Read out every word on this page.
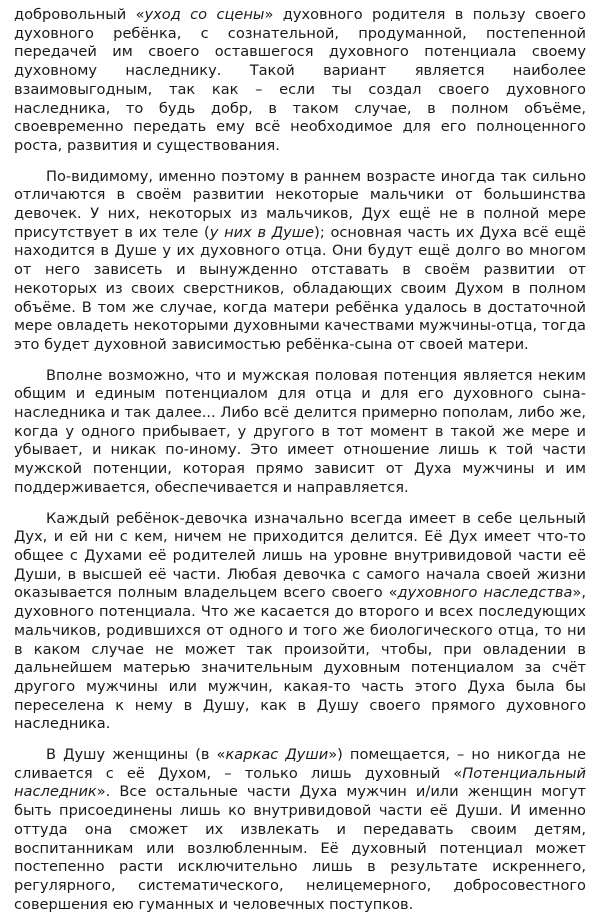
добровольный «уход со сцены» духовного родителя в пользу своего духовного ребёнка, с сознательной, продуманной, постепенной передачей им своего оставшегося духовного потенциала своему духовному наследнику. Такой вариант является наиболее взаимовыгодным, так как – если ты создал своего духовного наследника, то будь добр, в таком случае, в полном объёме, своевременно передать ему всё необходимое для его полноценного роста, развития и существования.

По-видимому, именно поэтому в раннем возрасте иногда так сильно отличаются в своём развитии некоторые мальчики от большинства девочек. У них, некоторых из мальчиков, Дух ещё не в полной мере присутствует в их теле (у них в Душе); основная часть их Духа всё ещё находится в Душе у их духовного отца. Они будут ещё долго во многом от него зависеть и вынужденно отставать в своём развитии от некоторых из своих сверстников, обладающих своим Духом в полном объёме. В том же случае, когда матери ребёнка удалось в достаточной мере овладеть некоторыми духовными качествами мужчины-отца, тогда это будет духовной зависимостью ребёнка-сына от своей матери.

Вполне возможно, что и мужская половая потенция является неким общим и единым потенциалом для отца и для его духовного сына-наследника и так далее... Либо всё делится примерно пополам, либо же, когда у одного прибывает, у другого в тот момент в такой же мере и убывает, и никак по-иному. Это имеет отношение лишь к той части мужской потенции, которая прямо зависит от Духа мужчины и им поддерживается, обеспечивается и направляется.

Каждый ребёнок-девочка изначально всегда имеет в себе цельный Дух, и ей ни с кем, ничем не приходится делится. Её Дух имеет что-то общее с Духами её родителей лишь на уровне внутривидовой части её Души, в высшей её части. Любая девочка с самого начала своей жизни оказывается полным владельцем всего своего «духовного наследства», духовного потенциала. Что же касается до второго и всех последующих мальчиков, родившихся от одного и того же биологического отца, то ни в каком случае не может так произойти, чтобы, при овладении в дальнейшем матерью значительным духовным потенциалом за счёт другого мужчины или мужчин, какая-то часть этого Духа была бы переселена к нему в Душу, как в Душу своего прямого духовного наследника.

В Душу женщины (в «каркас Души») помещается, – но никогда не сливается с её Духом, – только лишь духовный «Потенциальный наследник». Все остальные части Духа мужчин и/или женщин могут быть присоединены лишь ко внутривидовой части её Души. И именно оттуда она сможет их извлекать и передавать своим детям, воспитанникам или возлюбленным. Её духовный потенциал может постепенно расти исключительно лишь в результате искреннего, регулярного, систематического, нелицемерного, добросовестного совершения ею гуманных и человечных поступков.
